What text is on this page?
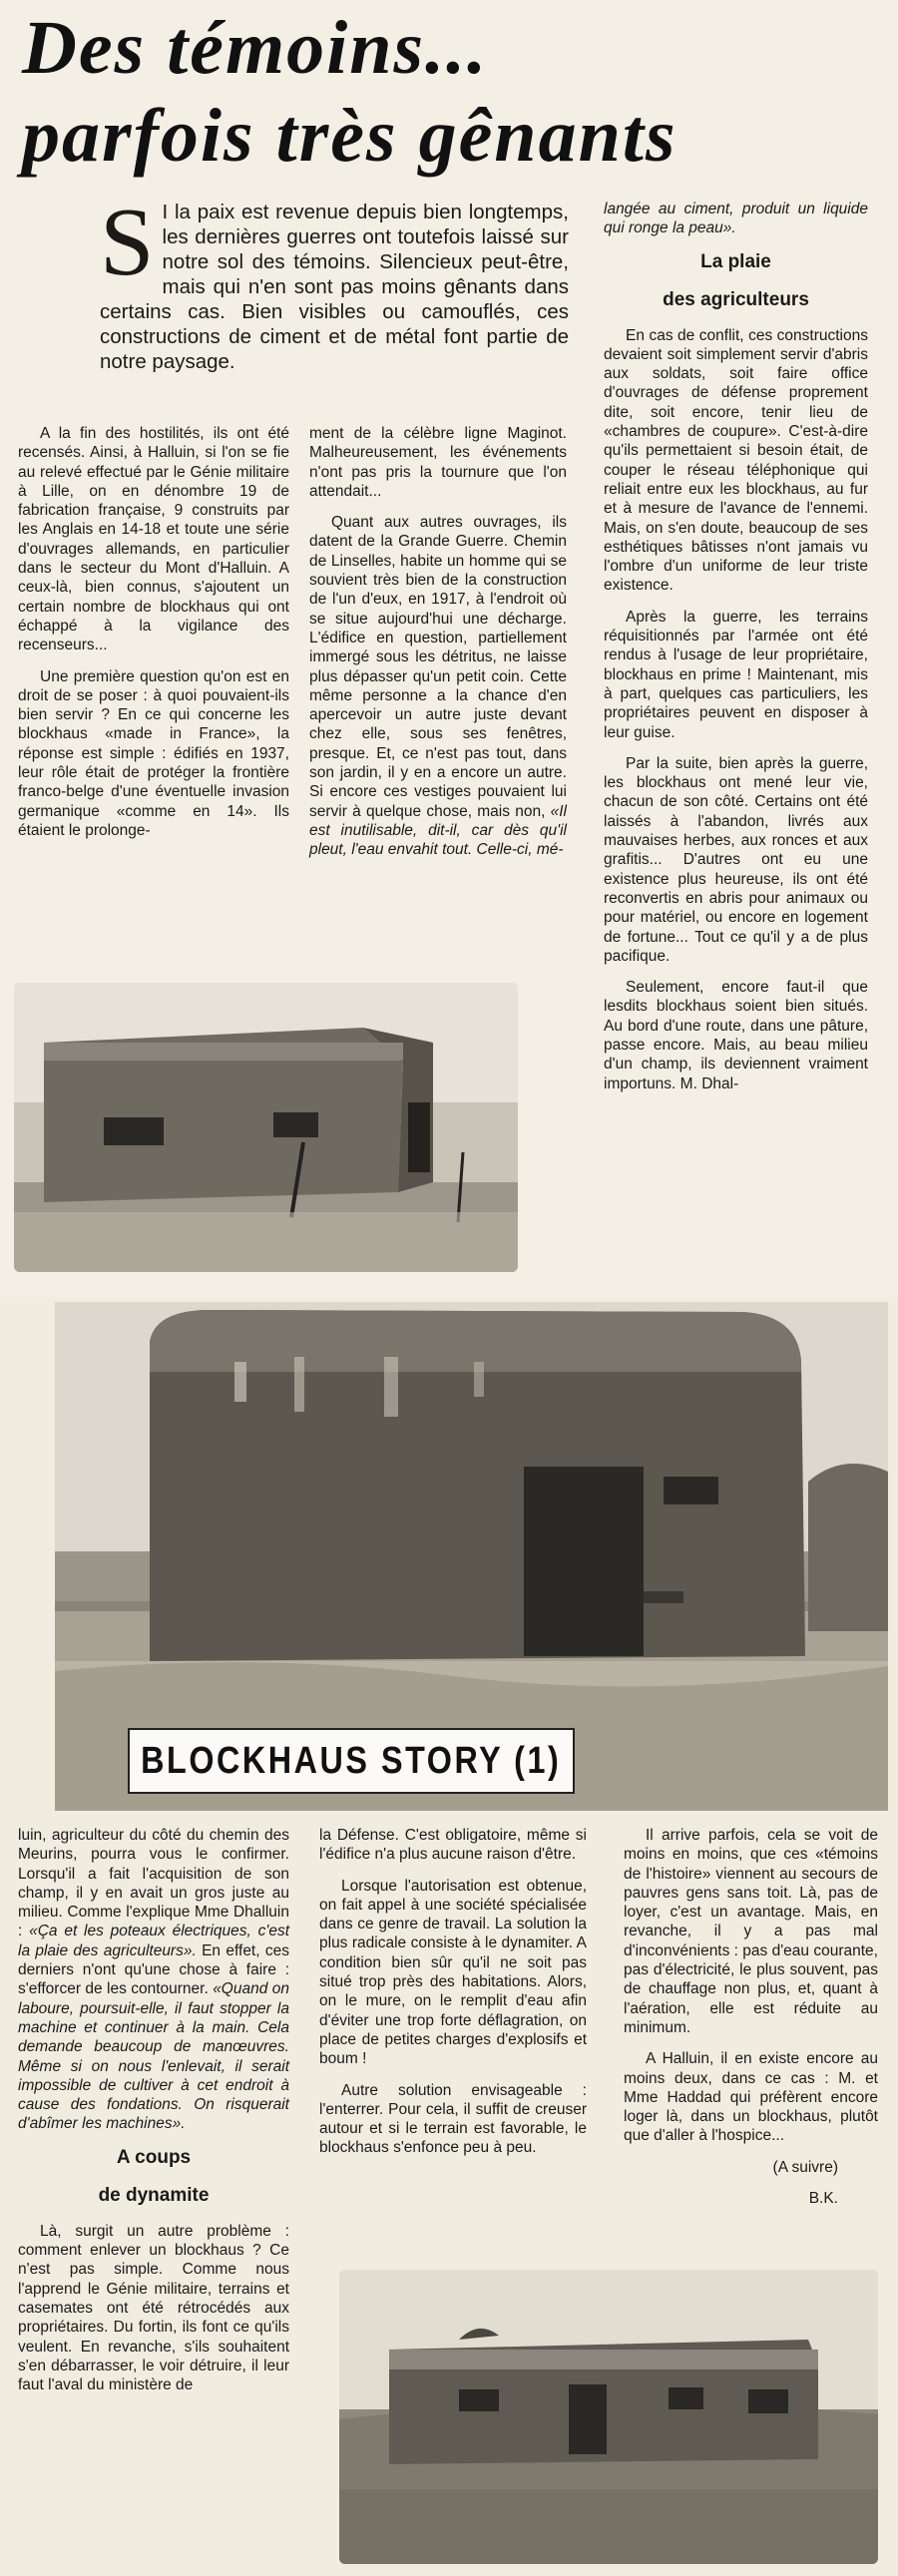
Des témoins...
parfois très gênants

S I la paix est revenue depuis bien longtemps, les dernières guerres ont toutefois laissé sur notre sol des témoins. Silencieux peut-être, mais qui n'en sont pas moins gênants dans certains cas. Bien visibles ou camouflés, ces constructions de ciment et de métal font partie de notre paysage.

A la fin des hostilités, ils ont été recensés. Ainsi, à Halluin, si l'on se fie au relevé effectué par le Génie militaire à Lille, on en dénombre 19 de fabrication française, 9 construits par les Anglais en 14-18 et toute une série d'ouvrages allemands, en particulier dans le secteur du Mont d'Halluin. A ceux-là, bien connus, s'ajoutent un certain nombre de blockhaus qui ont échappé à la vigilance des recenseurs...

Une première question qu'on est en droit de se poser : à quoi pouvaient-ils bien servir ? En ce qui concerne les blockhaus «made in France», la réponse est simple : édifiés en 1937, leur rôle était de protéger la frontière franco-belge d'une éventuelle invasion germanique «comme en 14». Ils étaient le prolonge-

ment de la célèbre ligne Maginot. Malheureusement, les événements n'ont pas pris la tournure que l'on attendait...

Quant aux autres ouvrages, ils datent de la Grande Guerre. Chemin de Linselles, habite un homme qui se souvient très bien de la construction de l'un d'eux, en 1917, à l'endroit où se situe aujourd'hui une décharge. L'édifice en question, partiellement immergé sous les détritus, ne laisse plus dépasser qu'un petit coin. Cette même personne a la chance d'en apercevoir un autre juste devant chez elle, sous ses fenêtres, presque. Et, ce n'est pas tout, dans son jardin, il y en a encore un autre. Si encore ces vestiges pouvaient lui servir à quelque chose, mais non, «Il est inutilisable, dit-il, car dès qu'il pleut, l'eau envahit tout. Celle-ci, mé-

langée au ciment, produit un liquide qui ronge la peau».

La plaie
des agriculteurs

En cas de conflit, ces constructions devaient soit simplement servir d'abris aux soldats, soit faire office d'ouvrages de défense proprement dite, soit encore, tenir lieu de «chambres de coupure». C'est-à-dire qu'ils permettaient si besoin était, de couper le réseau téléphonique qui reliait entre eux les blockhaus, au fur et à mesure de l'avance de l'ennemi. Mais, on s'en doute, beaucoup de ses esthétiques bâtisses n'ont jamais vu l'ombre d'un uniforme de leur triste existence.

Après la guerre, les terrains réquisitionnés par l'armée ont été rendus à l'usage de leur propriétaire, blockhaus en prime ! Maintenant, mis à part, quelques cas particuliers, les propriétaires peuvent en disposer à leur guise.

Par la suite, bien après la guerre, les blockhaus ont mené leur vie, chacun de son côté. Certains ont été laissés à l'abandon, livrés aux mauvaises herbes, aux ronces et aux grafitis... D'autres ont eu une existence plus heureuse, ils ont été reconvertis en abris pour animaux ou pour matériel, ou encore en logement de fortune... Tout ce qu'il y a de plus pacifique.

Seulement, encore faut-il que lesdits blockhaus soient bien situés. Au bord d'une route, dans une pâture, passe encore. Mais, au beau milieu d'un champ, ils deviennent vraiment importuns. M. Dhal-

BLOCKHAUS STORY (1)

luin, agriculteur du côté du chemin des Meurins, pourra vous le confirmer. Lorsqu'il a fait l'acquisition de son champ, il y en avait un gros juste au milieu. Comme l'explique Mme Dhalluin : «Ça et les poteaux électriques, c'est la plaie des agriculteurs». En effet, ces derniers n'ont qu'une chose à faire : s'efforcer de les contourner. «Quand on laboure, poursuit-elle, il faut stopper la machine et continuer à la main. Cela demande beaucoup de manœuvres. Même si on nous l'enlevait, il serait impossible de cultiver à cet endroit à cause des fondations. On risquerait d'abîmer les machines».

A coups
de dynamite

Là, surgit un autre problème : comment enlever un blockhaus ? Ce n'est pas simple. Comme nous l'apprend le Génie militaire, terrains et casemates ont été rétrocédés aux propriétaires. Du fortin, ils font ce qu'ils veulent. En revanche, s'ils souhaitent s'en débarrasser, le voir détruire, il leur faut l'aval du ministère de

la Défense. C'est obligatoire, même si l'édifice n'a plus aucune raison d'être.

Lorsque l'autorisation est obtenue, on fait appel à une société spécialisée dans ce genre de travail. La solution la plus radicale consiste à le dynamiter. A condition bien sûr qu'il ne soit pas situé trop près des habitations. Alors, on le mure, on le remplit d'eau afin d'éviter une trop forte déflagration, on place de petites charges d'explosifs et boum !

Autre solution envisageable : l'enterrer. Pour cela, il suffit de creuser autour et si le terrain est favorable, le blockhaus s'enfonce peu à peu.

Il arrive parfois, cela se voit de moins en moins, que ces «témoins de l'histoire» viennent au secours de pauvres gens sans toit. Là, pas de loyer, c'est un avantage. Mais, en revanche, il y a pas mal d'inconvénients : pas d'eau courante, pas d'électricité, le plus souvent, pas de chauffage non plus, et, quant à l'aération, elle est réduite au minimum.

A Halluin, il en existe encore au moins deux, dans ce cas : M. et Mme Haddad qui préfèrent encore loger là, dans un blockhaus, plutôt que d'aller à l'hospice...

(A suivre)

B.K.
